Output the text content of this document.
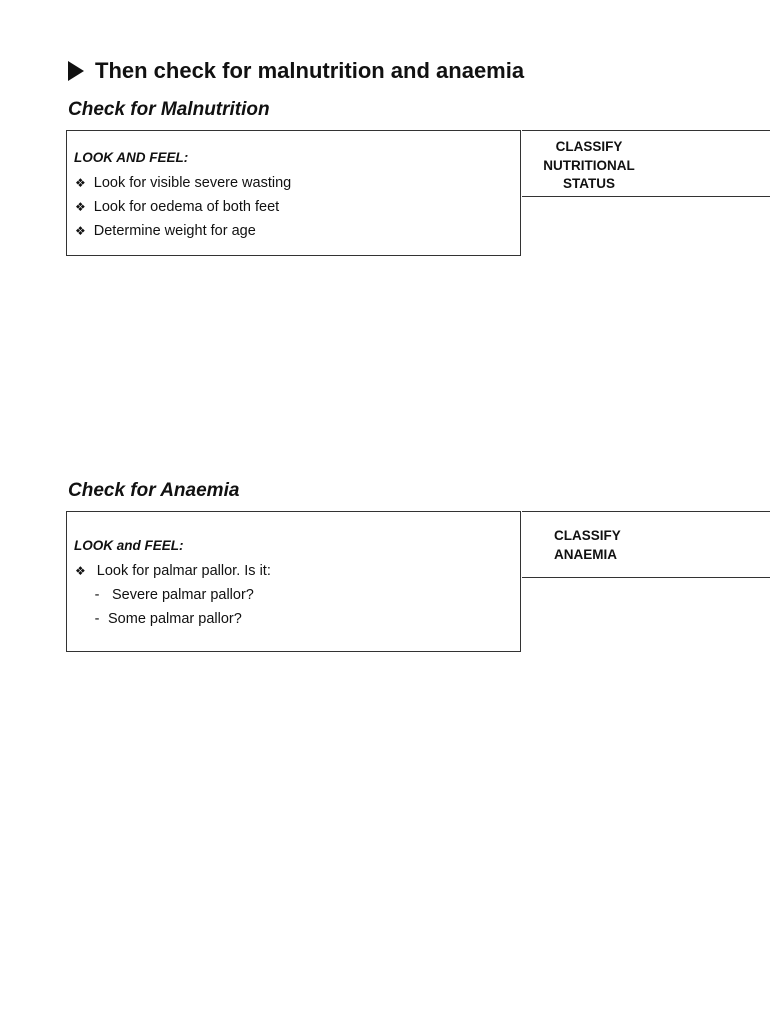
Then check for malnutrition and anaemia
Check for Malnutrition
LOOK AND FEEL:
❖ Look for visible severe wasting
❖ Look for oedema of both feet
❖ Determine weight for age
CLASSIFY
NUTRITIONAL
STATUS
Check for Anaemia
LOOK and FEEL:
❖ Look for palmar pallor. Is it:
- Severe palmar pallor?
- Some palmar pallor?
CLASSIFY
ANAEMIA
